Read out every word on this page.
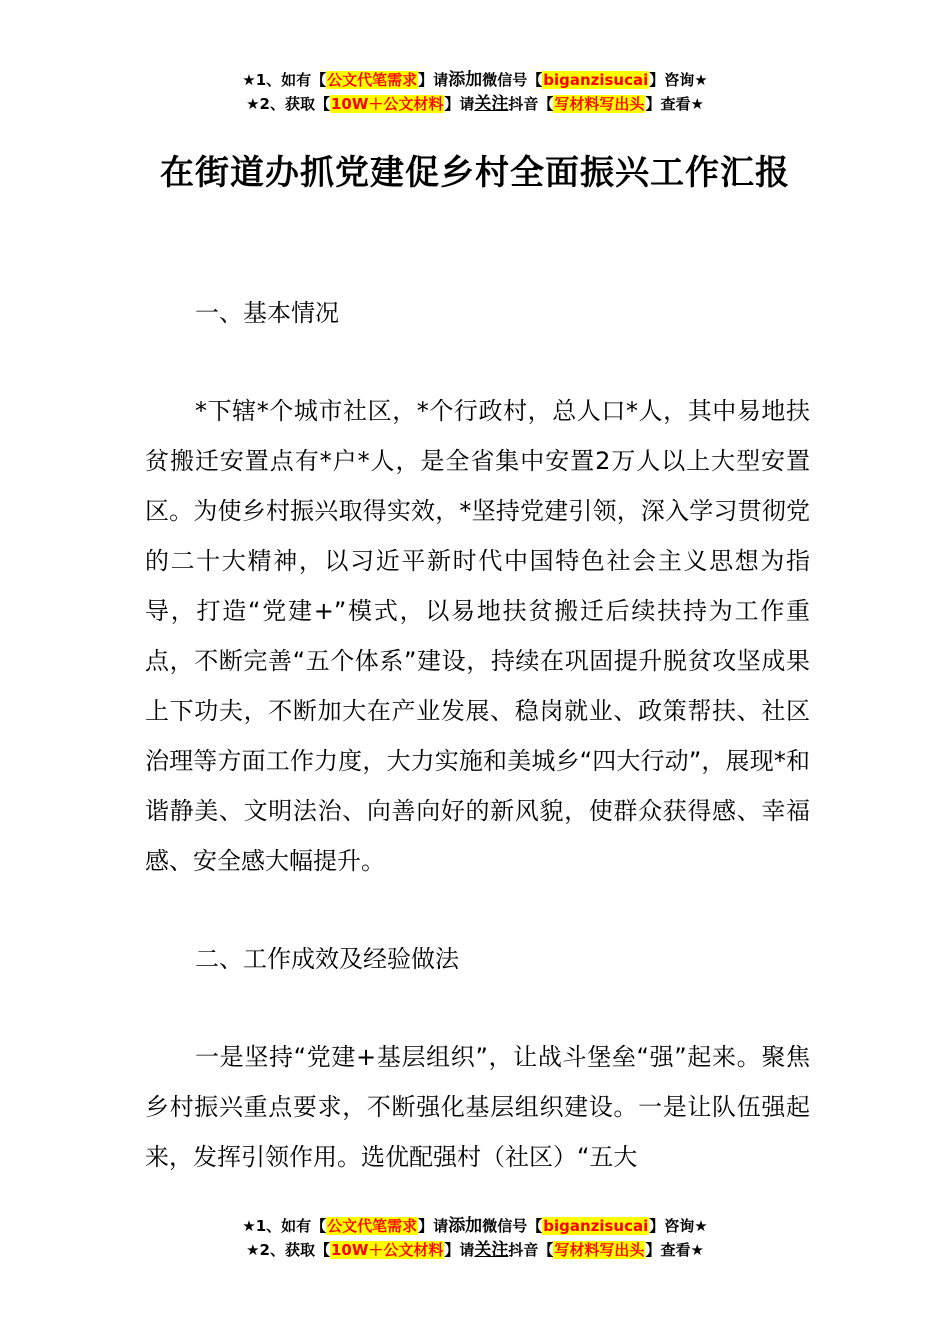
★1、如有【公文代笔需求】请添加微信号【biganzisucai】咨询★
★2、获取【10W＋公文材料】请关注抖音【写材料写出头】查看★
在街道办抓党建促乡村全面振兴工作汇报

一、基本情况

*下辖*个城市社区，*个行政村，总人口*人，其中易地扶贫搬迁安置点有*户*人，是全省集中安置2万人以上大型安置区。为使乡村振兴取得实效，*坚持党建引领，深入学习贯彻党的二十大精神，以习近平新时代中国特色社会主义思想为指导，打造“党建+”模式，以易地扶贫搬迁后续扶持为工作重点，不断完善“五个体系”建设，持续在巩固提升脱贫攻坚成果上下功夫，不断加大在产业发展、稳岗就业、政策帮扶、社区治理等方面工作力度，大力实施和美城乡“四大行动”，展现*和谐静美、文明法治、向善向好的新风貌，使群众获得感、幸福感、安全感大幅提升。

二、工作成效及经验做法

一是坚持“党建+基层组织”，让战斗堡垒“强”起来。聚焦乡村振兴重点要求，不断强化基层组织建设。一是让队伍强起来，发挥引领作用。选优配强村（社区）“五大

★1、如有【公文代笔需求】请添加微信号【biganzisucai】咨询★
★2、获取【10W＋公文材料】请关注抖音【写材料写出头】查看★
